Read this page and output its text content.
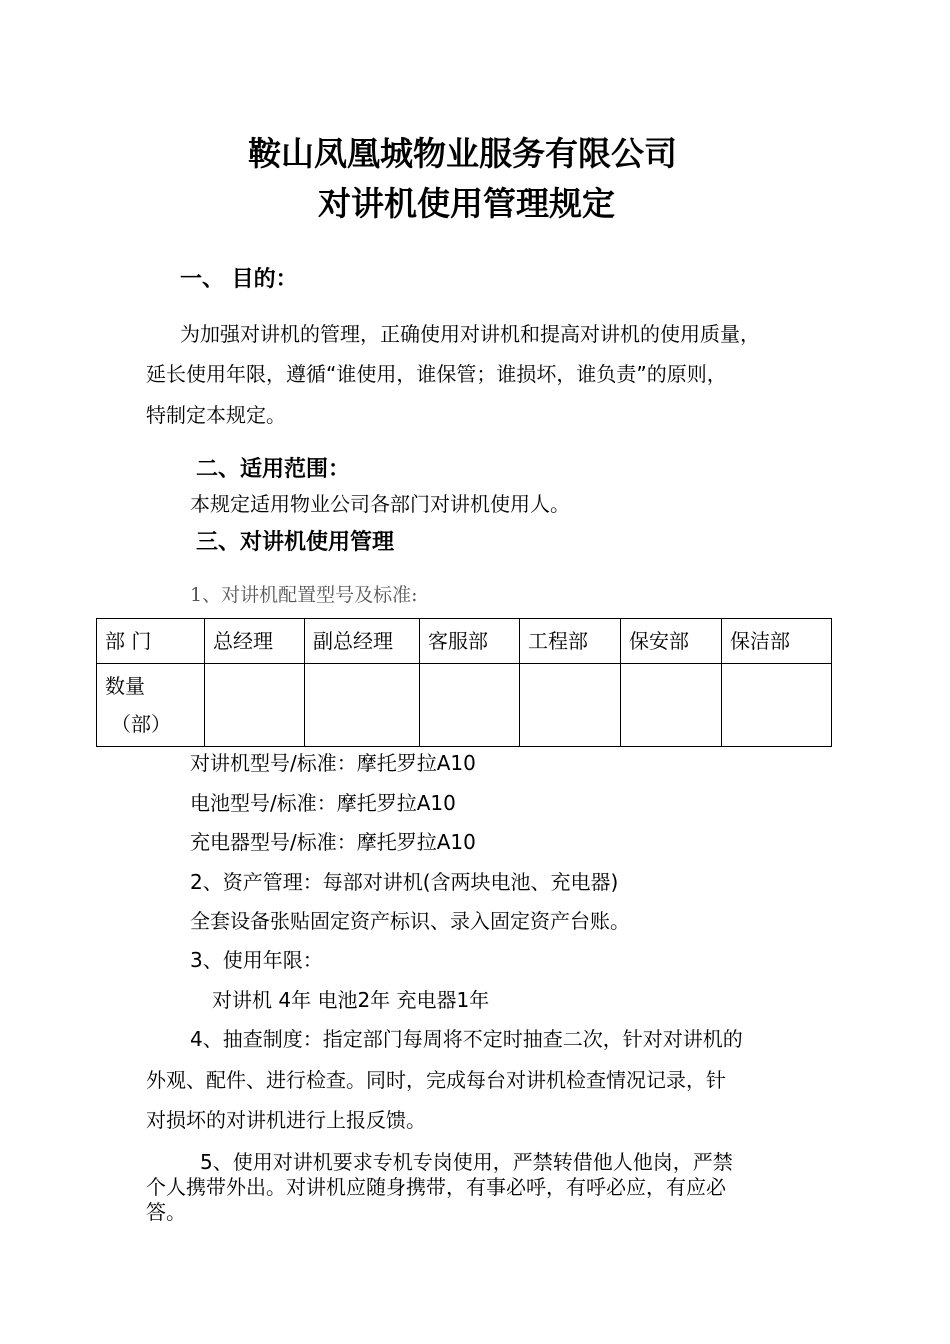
鞍山凤凰城物业服务有限公司
对讲机使用管理规定
一、 目的：
为加强对讲机的管理，正确使用对讲机和提高对讲机的使用质量，
延长使用年限，遵循“谁使用，谁保管；谁损坏，谁负责”的原则，
特制定本规定。
二、适用范围：
本规定适用物业公司各部门对讲机使用人。
三、对讲机使用管理
1、对讲机配置型号及标准:
部 门	总经理	副总经理	客服部	工程部	保安部	保洁部

数量
（部）						

对讲机型号/标准：摩托罗拉A10
电池型号/标准：摩托罗拉A10
充电器型号/标准：摩托罗拉A10
2、资产管理：每部对讲机(含两块电池、充电器)
全套设备张贴固定资产标识、录入固定资产台账。
3、使用年限：
对讲机 4年 电池2年 充电器1年
4、抽查制度：指定部门每周将不定时抽查二次，针对对讲机的
外观、配件、进行检查。同时，完成每台对讲机检查情况记录，针
对损坏的对讲机进行上报反馈。
5、使用对讲机要求专机专岗使用，严禁转借他人他岗，严禁
个人携带外出。对讲机应随身携带，有事必呼，有呼必应，有应必
答。
